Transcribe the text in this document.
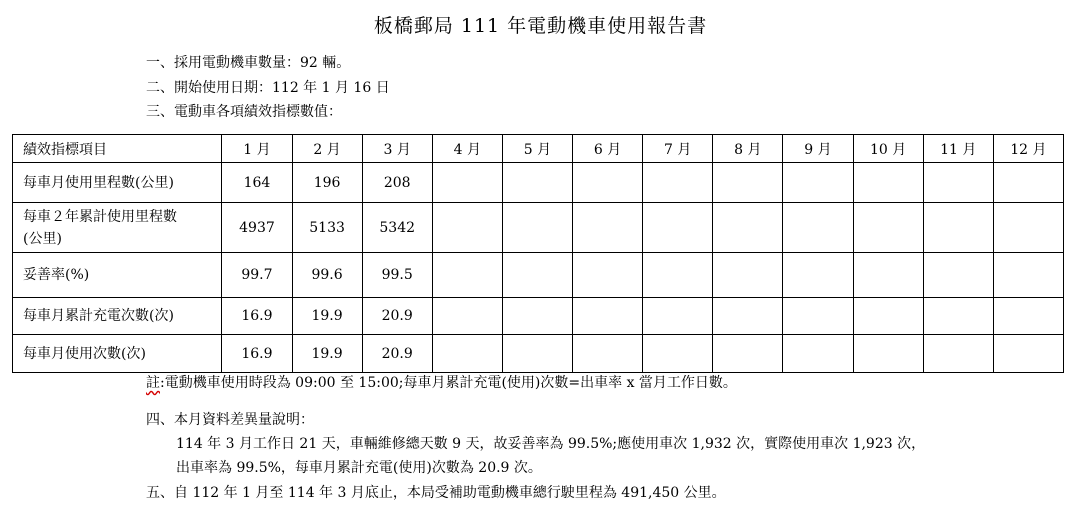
板橋郵局 111 年電動機車使用報告書
一、採用電動機車數量：92 輛。
二、開始使用日期：112 年 1 月 16 日
三、電動車各項績效指標數值：
績效指標項目	1 月	2 月	3 月	4 月	5 月	6 月	7 月	8 月	9 月	10 月	11 月	12 月
每車月使用里程數(公里)	164	196	208									

每車２年累計使用里程數
(公里)	4937	5133	5342									
妥善率(%)	99.7	99.6	99.5									
每車月累計充電次數(次)	16.9	19.9	20.9									
每車月使用次數(次)	16.9	19.9	20.9									
註:電動機車使用時段為 09:00 至 15:00;每車月累計充電(使用)次數=出車率 x 當月工作日數。
四、本月資料差異量說明：
114 年 3 月工作日 21 天，車輛維修總天數 9 天，故妥善率為 99.5%;應使用車次 1,932 次，實際使用車次 1,923 次，
出車率為 99.5%，每車月累計充電(使用)次數為 20.9 次。
五、自 112 年 1 月至 114 年 3 月底止，本局受補助電動機車總行駛里程為 491,450 公里。
